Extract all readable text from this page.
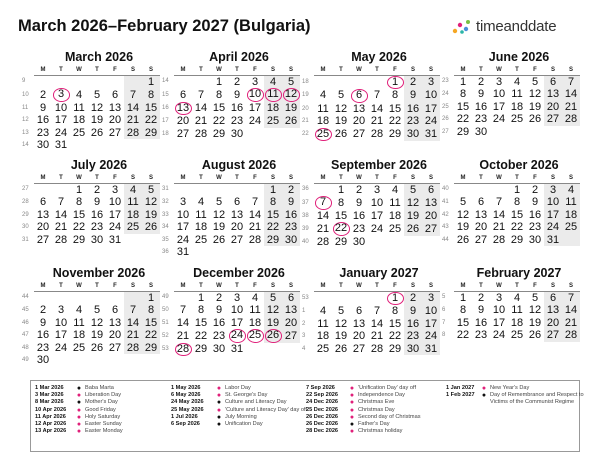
March 2026–February 2027 (Bulgaria)	timeanddate
March 2026
	M	T	W	T	F	S	S
9							1
10	2	3	4	5	6	7	8
11	9	10	11	12	13	14	15
12	16	17	18	19	20	21	22
13	23	24	25	26	27	28	29
14	30	31					
April 2026
	M	T	W	T	F	S	S
14			1	2	3	4	5
15	6	7	8	9	10	11	12
16	13	14	15	16	17	18	19
17	20	21	22	23	24	25	26
18	27	28	29	30			
May 2026
	M	T	W	T	F	S	S
18					1	2	3
19	4	5	6	7	8	9	10
20	11	12	13	14	15	16	17
21	18	19	20	21	22	23	24
22	25	26	27	28	29	30	31
June 2026
	M	T	W	T	F	S	S
23	1	2	3	4	5	6	7
24	8	9	10	11	12	13	14
25	15	16	17	18	19	20	21
26	22	23	24	25	26	27	28
27	29	30					
July 2026
	M	T	W	T	F	S	S
27			1	2	3	4	5
28	6	7	8	9	10	11	12
29	13	14	15	16	17	18	19
30	20	21	22	23	24	25	26
31	27	28	29	30	31		
August 2026
	M	T	W	T	F	S	S
31						1	2
32	3	4	5	6	7	8	9
33	10	11	12	13	14	15	16
34	17	18	19	20	21	22	23
35	24	25	26	27	28	29	30
36	31						
September 2026
	M	T	W	T	F	S	S
36		1	2	3	4	5	6
37	7	8	9	10	11	12	13
38	14	15	16	17	18	19	20
39	21	22	23	24	25	26	27
40	28	29	30				
October 2026
	M	T	W	T	F	S	S
40				1	2	3	4
41	5	6	7	8	9	10	11
42	12	13	14	15	16	17	18
43	19	20	21	22	23	24	25
44	26	27	28	29	30	31	
November 2026
	M	T	W	T	F	S	S
44							1
45	2	3	4	5	6	7	8
46	9	10	11	12	13	14	15
47	16	17	18	19	20	21	22
48	23	24	25	26	27	28	29
49	30						
December 2026
	M	T	W	T	F	S	S
49		1	2	3	4	5	6
50	7	8	9	10	11	12	13
51	14	15	16	17	18	19	20
52	21	22	23	24	25	26	27
53	28	29	30	31			
January 2027
	M	T	W	T	F	S	S
53					1	2	3
1	4	5	6	7	8	9	10
2	11	12	13	14	15	16	17
3	18	19	20	21	22	23	24
4	25	26	27	28	29	30	31
February 2027
	M	T	W	T	F	S	S
5	1	2	3	4	5	6	7
6	8	9	10	11	12	13	14
7	15	16	17	18	19	20	21
8	22	23	24	25	26	27	28
1 Mar 2026	● Baba Marta
3 Mar 2026	● Liberation Day
8 Mar 2026	● Mother's Day
10 Apr 2026	● Good Friday
11 Apr 2026	● Holy Saturday
12 Apr 2026	● Easter Sunday
13 Apr 2026	● Easter Monday
1 May 2026	● Labor Day
6 May 2026	● St. George's Day
24 May 2026	● Culture and Literacy Day
25 May 2026	● 'Culture and Literacy Day' day off
1 Jul 2026	● July Morning
6 Sep 2026	● Unification Day
7 Sep 2026	● 'Unification Day' day off
22 Sep 2026	● Independence Day
24 Dec 2026	● Christmas Eve
25 Dec 2026	● Christmas Day
26 Dec 2026	● Second day of Christmas
26 Dec 2026	● Father's Day
28 Dec 2026	● Christmas holiday
1 Jan 2027	● New Year's Day
1 Feb 2027	● Day of Remembrance and Respect to Victims of the Communist Regime
